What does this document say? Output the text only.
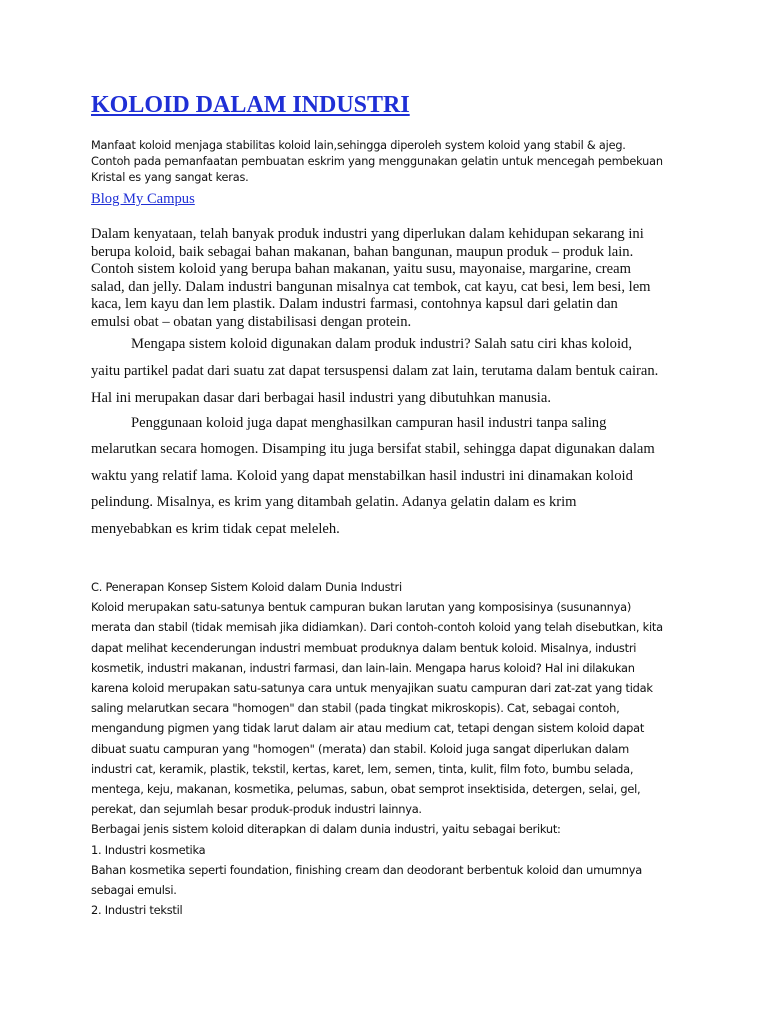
KOLOID DALAM INDUSTRI

Manfaat koloid menjaga stabilitas koloid lain,sehingga diperoleh system koloid yang stabil & ajeg.

Contoh pada pemanfaatan pembuatan eskrim yang menggunakan gelatin untuk mencegah pembekuan

Kristal es yang sangat keras.

Blog My Campus

Dalam kenyataan, telah banyak produk industri yang diperlukan dalam kehidupan sekarang ini

berupa koloid, baik sebagai bahan makanan, bahan bangunan, maupun produk – produk lain.

Contoh sistem koloid yang berupa bahan makanan, yaitu susu, mayonaise, margarine, cream

salad, dan jelly. Dalam industri bangunan misalnya cat tembok, cat kayu, cat besi, lem besi, lem

kaca, lem kayu dan lem plastik. Dalam industri farmasi, contohnya kapsul dari gelatin dan

emulsi obat – obatan yang distabilisasi dengan protein.

Mengapa sistem koloid digunakan dalam produk industri? Salah satu ciri khas koloid,

yaitu partikel padat dari suatu zat dapat tersuspensi dalam zat lain, terutama dalam bentuk cairan.

Hal ini merupakan dasar dari berbagai hasil industri yang dibutuhkan manusia.

Penggunaan koloid juga dapat menghasilkan campuran hasil industri tanpa saling

melarutkan secara homogen. Disamping itu juga bersifat stabil, sehingga dapat digunakan dalam

waktu yang relatif lama. Koloid yang dapat menstabilkan hasil industri ini dinamakan koloid

pelindung. Misalnya, es krim yang ditambah gelatin. Adanya gelatin dalam es krim

menyebabkan es krim tidak cepat meleleh.

C. Penerapan Konsep Sistem Koloid dalam Dunia Industri

Koloid merupakan satu-satunya bentuk campuran bukan larutan yang komposisinya (susunannya)

merata dan stabil (tidak memisah jika didiamkan). Dari contoh-contoh koloid yang telah disebutkan, kita

dapat melihat kecenderungan industri membuat produknya dalam bentuk koloid. Misalnya, industri

kosmetik, industri makanan, industri farmasi, dan lain-lain. Mengapa harus koloid? Hal ini dilakukan

karena koloid merupakan satu-satunya cara untuk menyajikan suatu campuran dari zat-zat yang tidak

saling melarutkan secara "homogen" dan stabil (pada tingkat mikroskopis). Cat, sebagai contoh,

mengandung pigmen yang tidak larut dalam air atau medium cat, tetapi dengan sistem koloid dapat

dibuat suatu campuran yang "homogen" (merata) dan stabil. Koloid juga sangat diperlukan dalam

industri cat, keramik, plastik, tekstil, kertas, karet, lem, semen, tinta, kulit, film foto, bumbu selada,

mentega, keju, makanan, kosmetika, pelumas, sabun, obat semprot insektisida, detergen, selai, gel,

perekat, dan sejumlah besar produk-produk industri lainnya.

Berbagai jenis sistem koloid diterapkan di dalam dunia industri, yaitu sebagai berikut:

1. Industri kosmetika

Bahan kosmetika seperti foundation, finishing cream dan deodorant berbentuk koloid dan umumnya

sebagai emulsi.

2. Industri tekstil
